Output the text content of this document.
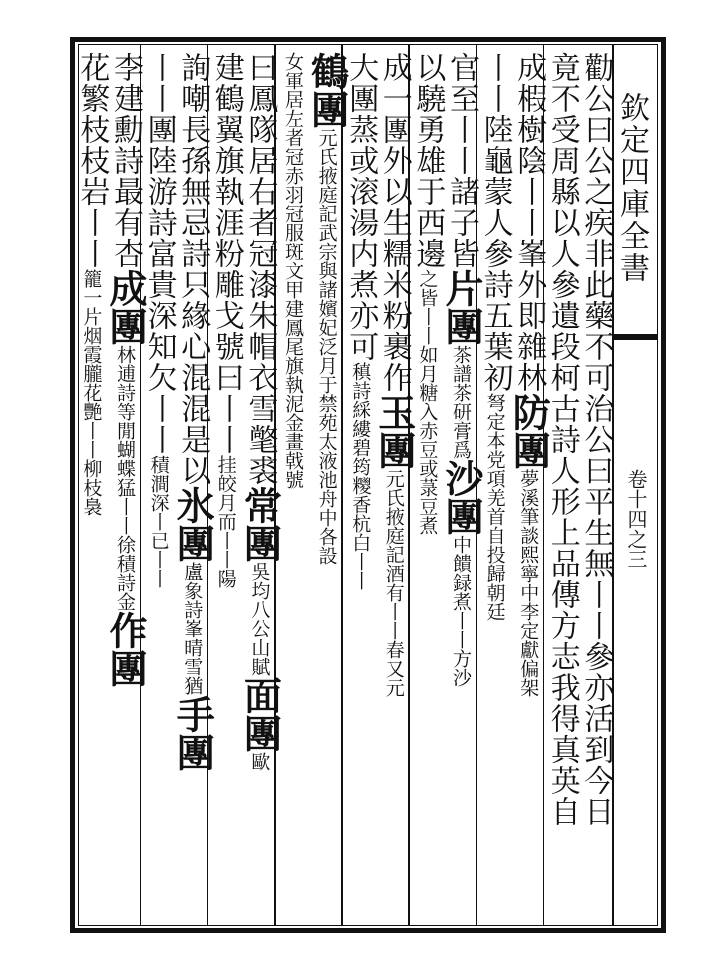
欽定四庫全書
卷十四之三
勸公曰公之疾非此藥不可治公曰平生無丨丨參亦活到今日
竟不受周縣以人參遺段柯古詩人形上品傳方志我得真英自
成椵樹陰丨丨峯外即雜林防團夢溪筆談熙寧中李定獻偏架
丨丨陸龜蒙人參詩五葉初弩定本党項羌首自投歸朝廷
官至丨丨諸子皆片團茶譜茶研膏爲沙團中饋録煮丨丨方沙
以驍勇雄于西邊之皆丨丨如月糖入赤豆或菉豆煮
成一團外以生糯米粉裹作玉團元氏掖庭記酒有丨丨春又元
大團蒸或滚湯内煮亦可稹詩綵縷碧筠糭香杭白丨丨
鶴團元氏掖庭記武宗與諸嬪妃泛月于禁苑太液池舟中各設
女軍居左者冠赤羽冠服斑文甲建鳳尾旗執泥金畫戟號
曰鳳隊居右者冠漆朱帽衣雪氅裘常團吳均八公山賦面團歐
建鶴翼旗執涯粉雕戈號曰丨丨挂皎月而丨丨陽
詢嘲長孫無忌詩只緣心混混是以氷團盧象詩峯晴雪猶手團
丨丨團陸游詩富貴深知欠丨丨積澗深丨已丨丨
李建勳詩最有杏成團林逋詩等閒蝴蝶猛丨丨徐積詩金作團
花繁枝枝岩丨丨籠一片烟霞朧花艷丨丨柳枝裊
